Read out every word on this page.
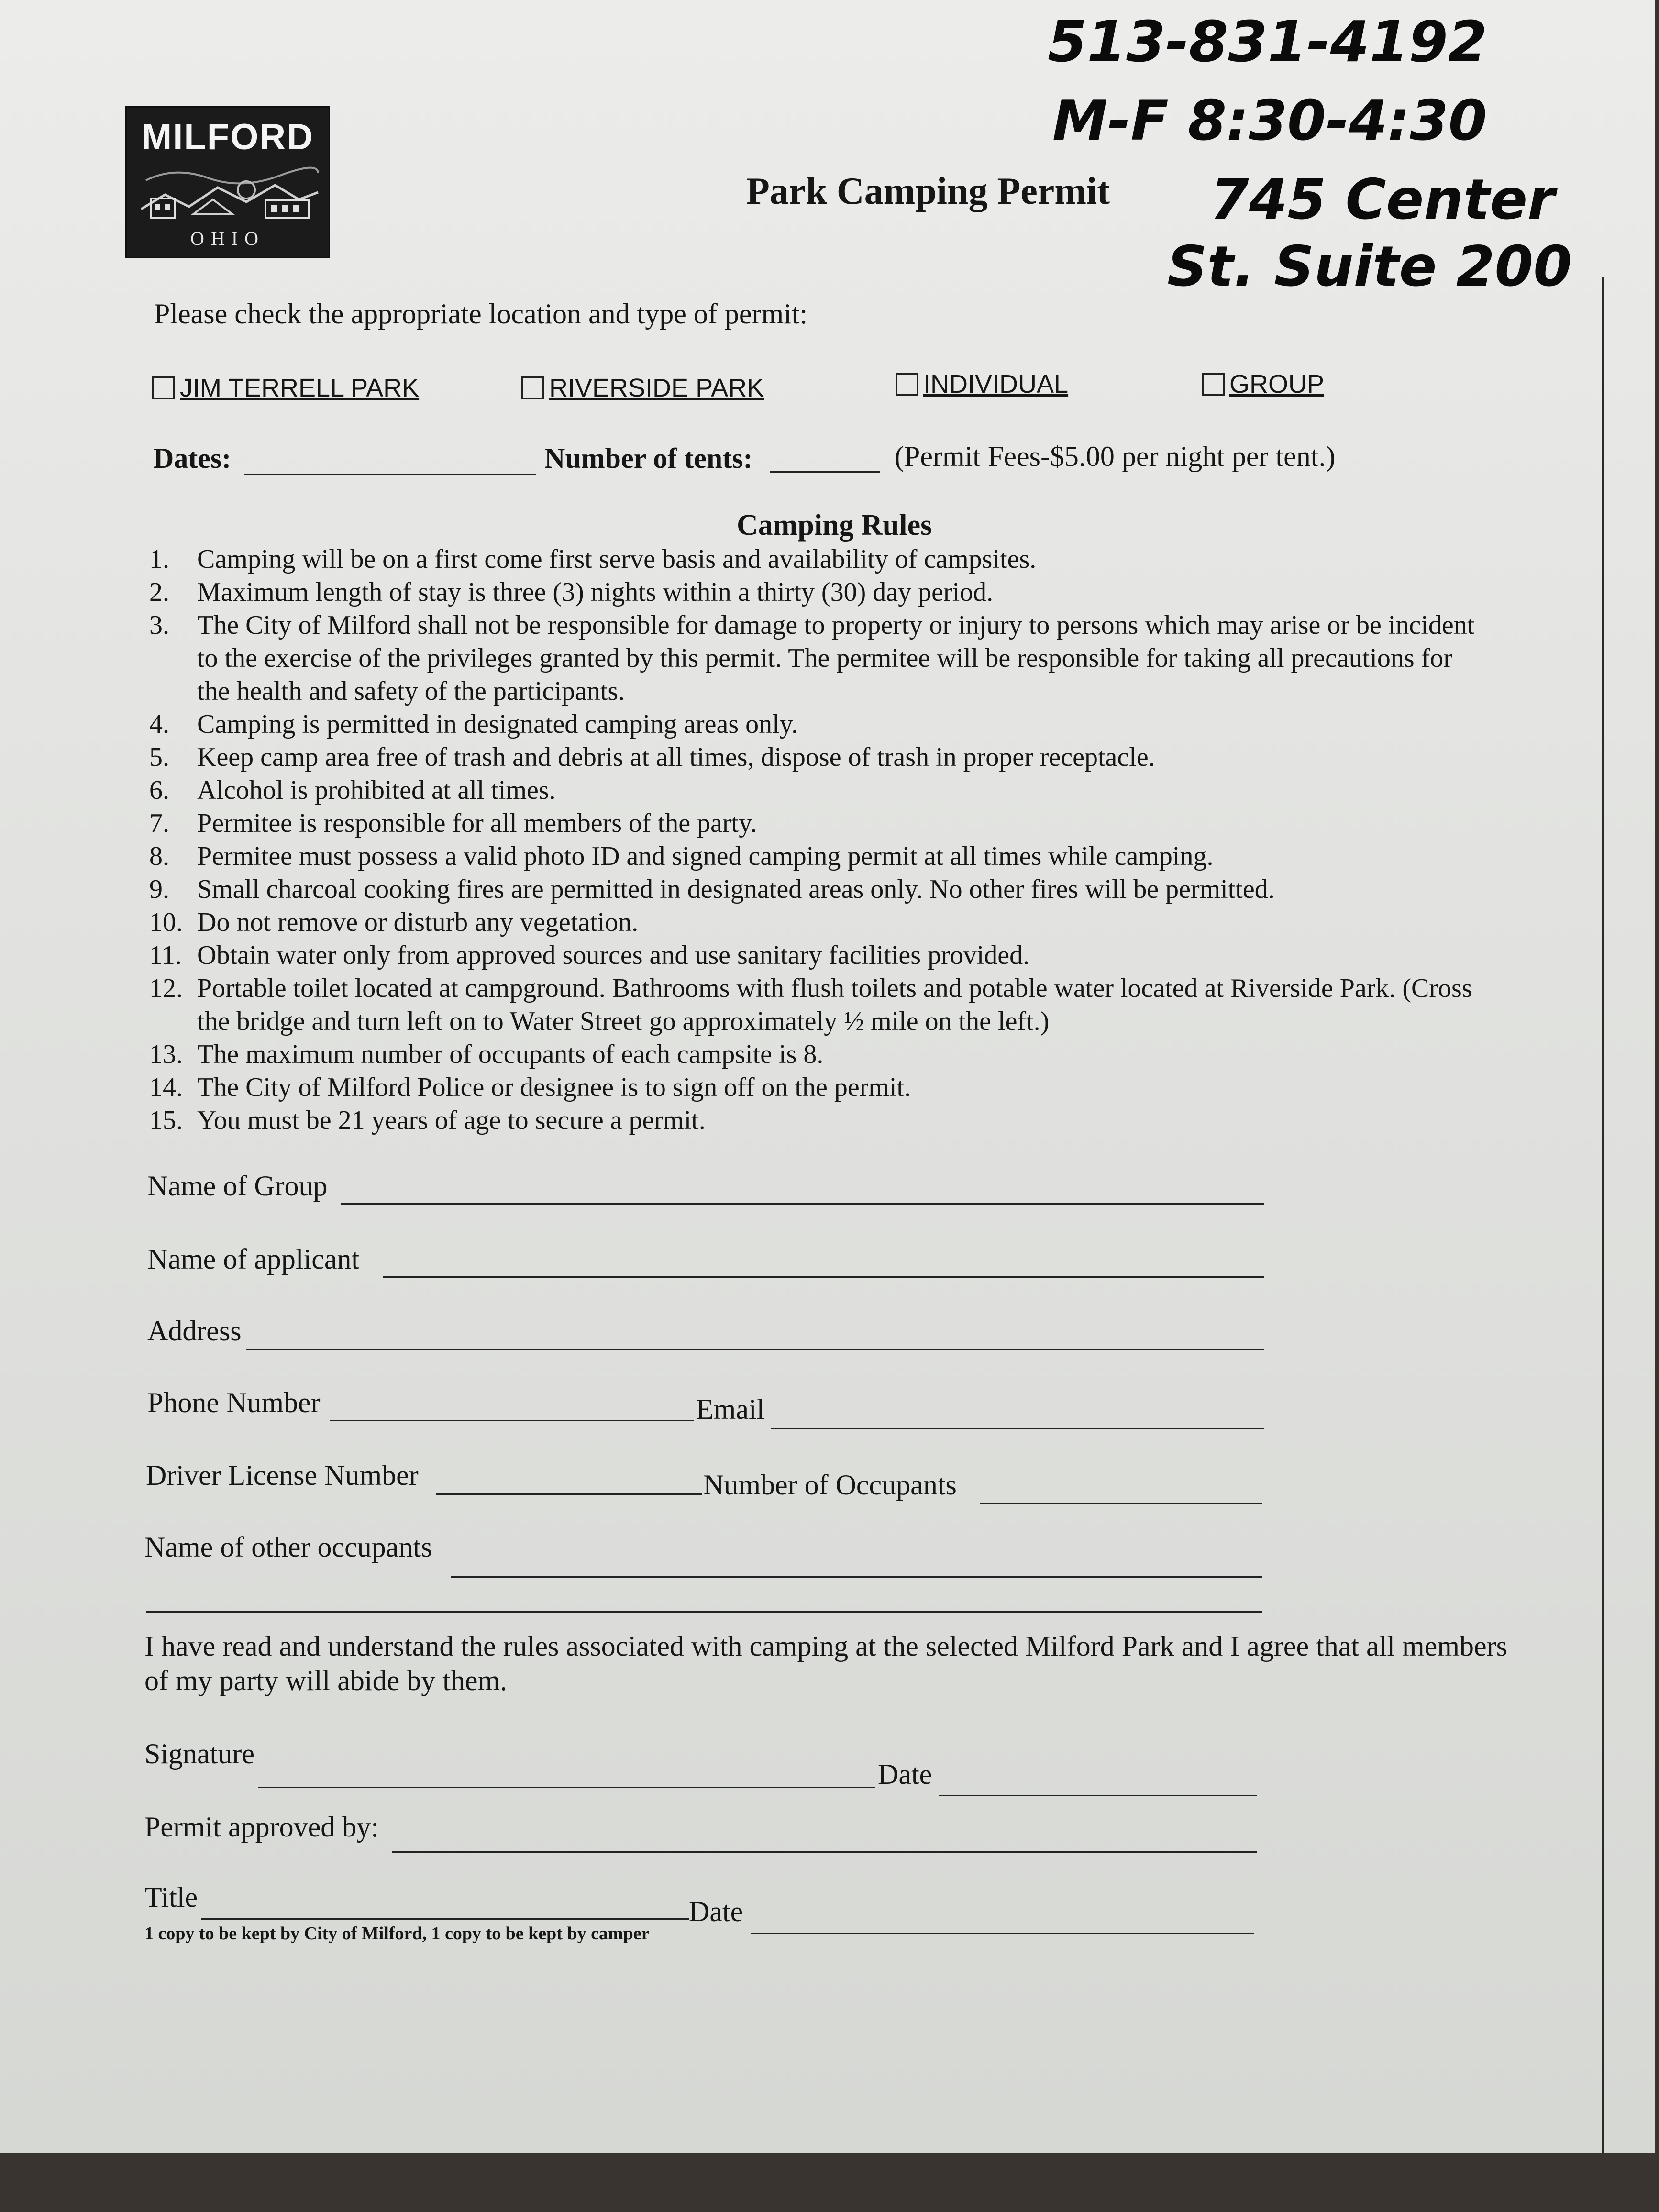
MILFORD
OHIO
513-831-4192
M-F 8:30-4:30
745 Center
St. Suite 200
Park Camping Permit
Please check the appropriate location and type of permit:
JIM TERRELL PARK	RIVERSIDE PARK	INDIVIDUAL	GROUP
Dates:	Number of tents:	(Permit Fees-$5.00 per night per tent.)
Camping Rules
1.	Camping will be on a first come first serve basis and availability of campsites.
2.	Maximum length of stay is three (3) nights within a thirty (30) day period.
3.	The City of Milford shall not be responsible for damage to property or injury to persons which may arise or be incident to the exercise of the privileges granted by this permit. The permitee will be responsible for taking all precautions for the health and safety of the participants.
4.	Camping is permitted in designated camping areas only.
5.	Keep camp area free of trash and debris at all times, dispose of trash in proper receptacle.
6.	Alcohol is prohibited at all times.
7.	Permitee is responsible for all members of the party.
8.	Permitee must possess a valid photo ID and signed camping permit at all times while camping.
9.	Small charcoal cooking fires are permitted in designated areas only. No other fires will be permitted.
10. Do not remove or disturb any vegetation.
11. Obtain water only from approved sources and use sanitary facilities provided.
12. Portable toilet located at campground. Bathrooms with flush toilets and potable water located at Riverside Park. (Cross the bridge and turn left on to Water Street go approximately ½ mile on the left.)
13. The maximum number of occupants of each campsite is 8.
14. The City of Milford Police or designee is to sign off on the permit.
15. You must be 21 years of age to secure a permit.
Name of Group
Name of applicant
Address
Phone Number	Email
Driver License Number	Number of Occupants
Name of other occupants
I have read and understand the rules associated with camping at the selected Milford Park and I agree that all members of my party will abide by them.
Signature
Date
Permit approved by:
Title	Date
1 copy to be kept by City of Milford, 1 copy to be kept by camper
